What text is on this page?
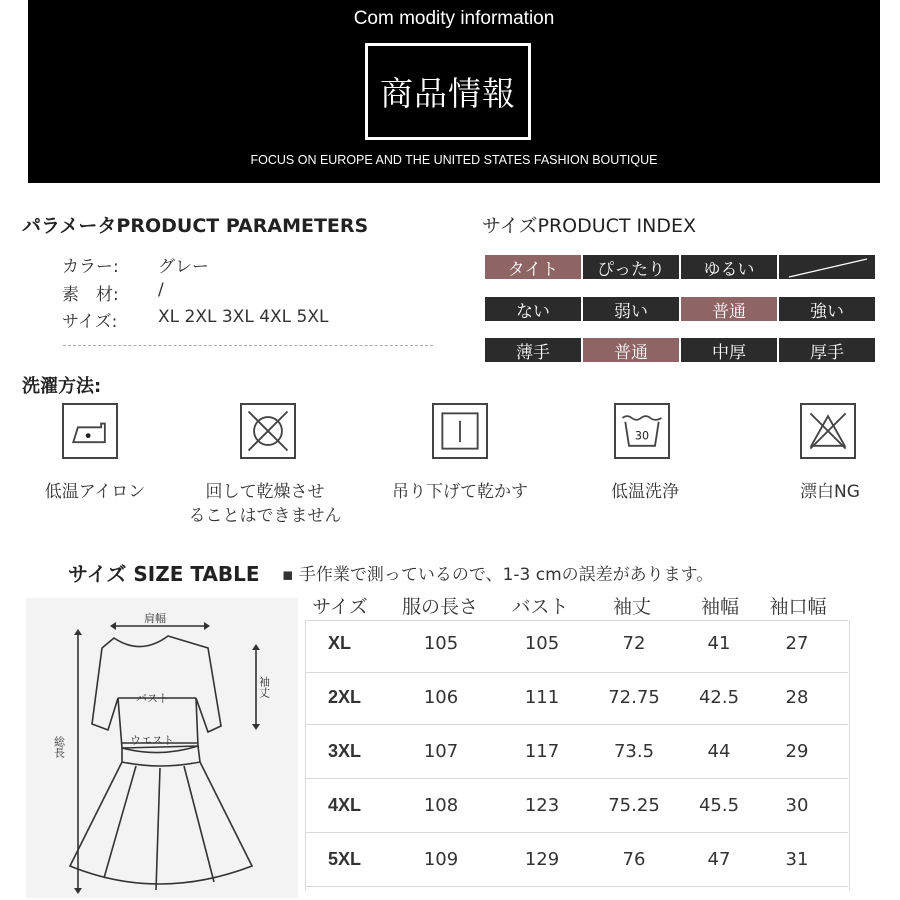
Com modity information
商品情報
FOCUS ON EUROPE AND THE UNITED STATES FASHION BOUTIQUE
パラメータPRODUCT PARAMETERS
カラー: グレー
素　材: /
サイズ: XL 2XL 3XL 4XL 5XL
サイズPRODUCT INDEX
タイト	ぴったり	ゆるい
ない	弱い	普通	強い
薄手	普通	中厚	厚手
洗濯方法:
30
低温アイロン	回して乾燥させ
ることはできません
吊り下げて乾かす	低温洗浄	漂白NG
サイズ SIZE TABLE ▪ 手作業で測っているので、1-3 cmの誤差があります。
肩幅
袖丈
バスト
ウエスト
総長
サイズ	服の長さ	バスト	袖丈	袖幅	袖口幅
XL	105	105	72	41	27
2XL	106	111	72.75	42.5	28
3XL	107	117	73.5	44	29
4XL	108	123	75.25	45.5	30
5XL	109	129	76	47	31
